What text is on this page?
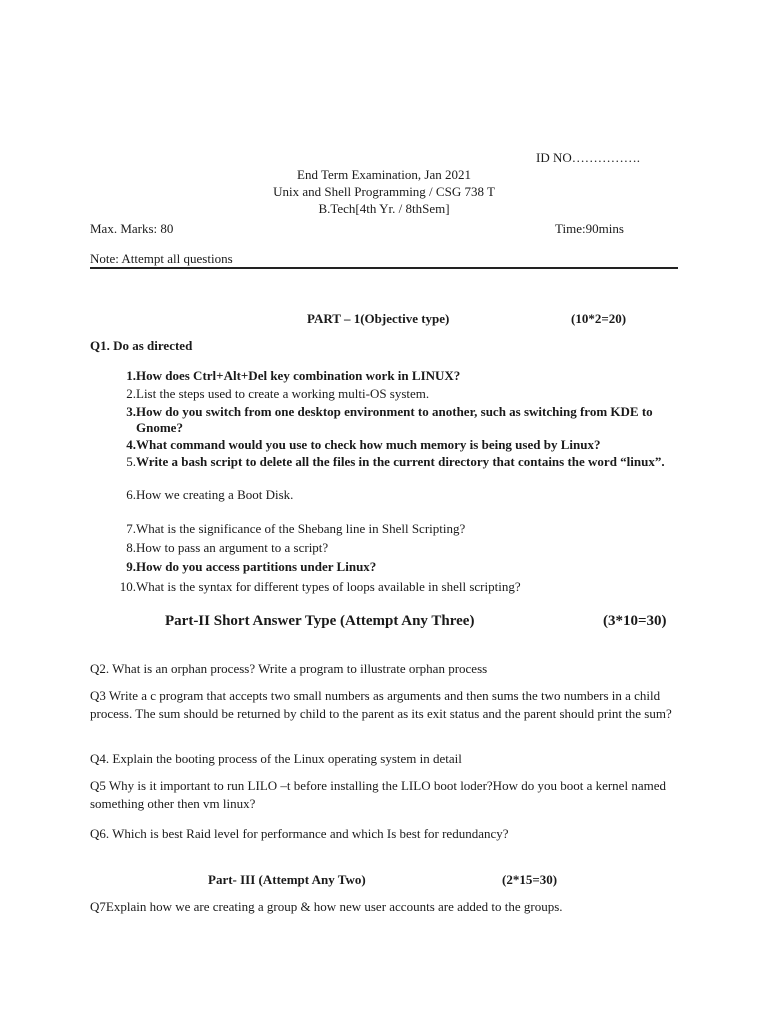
ID NO…………….
End Term Examination, Jan 2021
Unix and Shell Programming / CSG 738 T
B.Tech[4th Yr. / 8thSem]
Max. Marks: 80	Time:90mins
Note: Attempt all questions
PART – 1(Objective type)	(10*2=20)
Q1. Do as directed
1. How does Ctrl+Alt+Del key combination work in LINUX?
2. List the steps used to create a working multi-OS system.
3. How do you switch from one desktop environment to another, such as switching from KDE to Gnome?
4. What command would you use to check how much memory is being used by Linux?
5. Write a bash script to delete all the files in the current directory that contains the word “linux”.
6. How we creating a Boot Disk.
7. What is the significance of the Shebang line in Shell Scripting?
8. How to pass an argument to a script?
9. How do you access partitions under Linux?
10. What is the syntax for different types of loops available in shell scripting?
Part-II Short Answer Type (Attempt Any Three)	(3*10=30)
Q2. What is an orphan process? Write a program to illustrate orphan process
Q3 Write a c program that accepts two small numbers as arguments and then sums the two numbers in a child process. The sum should be returned by child to the parent as its exit status and the parent should print the sum?
Q4. Explain the booting process of the Linux operating system in detail
Q5 Why is it important to run LILO –t before installing the LILO boot loder?How do you boot a kernel named something other then vm linux?
Q6. Which is best Raid level for performance and which Is best for redundancy?
Part- III (Attempt Any Two)	(2*15=30)
Q7Explain how we are creating a group & how new user accounts are added to the groups.
